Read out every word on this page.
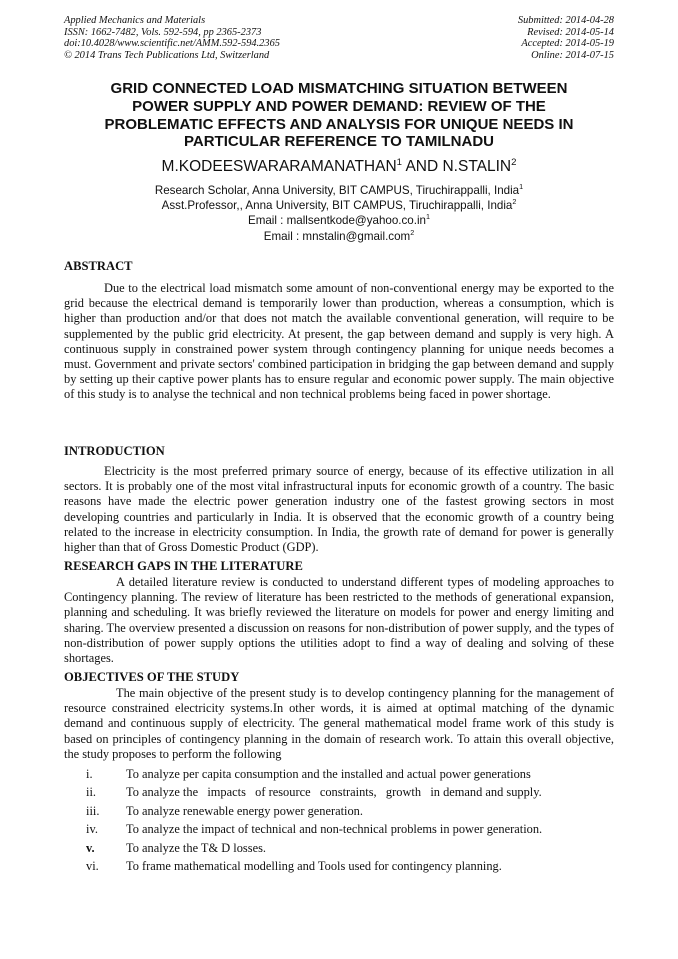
Applied Mechanics and Materials
ISSN: 1662-7482, Vols. 592-594, pp 2365-2373
doi:10.4028/www.scientific.net/AMM.592-594.2365
© 2014 Trans Tech Publications Ltd, Switzerland
Submitted: 2014-04-28
Revised: 2014-05-14
Accepted: 2014-05-19
Online: 2014-07-15
GRID CONNECTED LOAD MISMATCHING SITUATION BETWEEN
POWER SUPPLY AND POWER DEMAND: REVIEW OF THE
PROBLEMATIC EFFECTS AND ANALYSIS FOR UNIQUE NEEDS IN
PARTICULAR REFERENCE TO TAMILNADU
M.KODEESWARARAMANATHAN$^1$ AND N.STALIN$^2$
Research Scholar, Anna University, BIT CAMPUS, Tiruchirappalli, India$^1$
Asst.Professor,, Anna University, BIT CAMPUS, Tiruchirappalli, India$^2$
Email : $mallsentkode@yahoo.co.in^1$
Email : mnstalin@gmail.com$^2$
ABSTRACT
Due to the electrical load mismatch some amount of non-conventional energy may be exported to the grid because the electrical demand is temporarily lower than production, whereas a consumption, which is higher than production and/or that does not match the available conventional generation, will require to be supplemented by the public grid electricity. At present, the gap between demand and supply is very high. A continuous supply in constrained power system through contingency planning for unique needs becomes a must. Government and private sectors' combined participation in bridging the gap between demand and supply by setting up their captive power plants has to ensure regular and economic power supply. The main objective of this study is to analyse the technical and non technical problems being faced in power shortage.
INTRODUCTION
Electricity is the most preferred primary source of energy, because of its effective utilization in all sectors. It is probably one of the most vital infrastructural inputs for economic growth of a country. The basic reasons have made the electric power generation industry one of the fastest growing sectors in most developing countries and particularly in India. It is observed that the economic growth of a country being related to the increase in electricity consumption. In India, the growth rate of demand for power is generally higher than that of Gross Domestic Product (GDP).
RESEARCH GAPS IN THE LITERATURE
A detailed literature review is conducted to understand different types of modeling approaches to Contingency planning. The review of literature has been restricted to the methods of generational expansion, planning and scheduling. It was briefly reviewed the literature on models for power and energy limiting and sharing. The overview presented a discussion on reasons for non-distribution of power supply, and the types of non-distribution of power supply options the utilities adopt to find a way of dealing and solving of these shortages.
OBJECTIVES OF THE STUDY
The main objective of the present study is to develop contingency planning for the management of resource constrained electricity systems.In other words, it is aimed at optimal matching of the dynamic demand and continuous supply of electricity. The general mathematical model frame work of this study is based on principles of contingency planning in the domain of research work. To attain this overall objective, the study proposes to perform the following
i.	To analyze per capita consumption and the installed and actual power generations
ii. To analyze the   impacts   of resource   constraints,   growth   in demand and supply.
iii. To analyze renewable energy power generation.
iv. To analyze the impact of technical and non-technical problems in power generation.
v.	To analyze the T& D losses.
vi. To frame mathematical modelling and Tools used for contingency planning.
